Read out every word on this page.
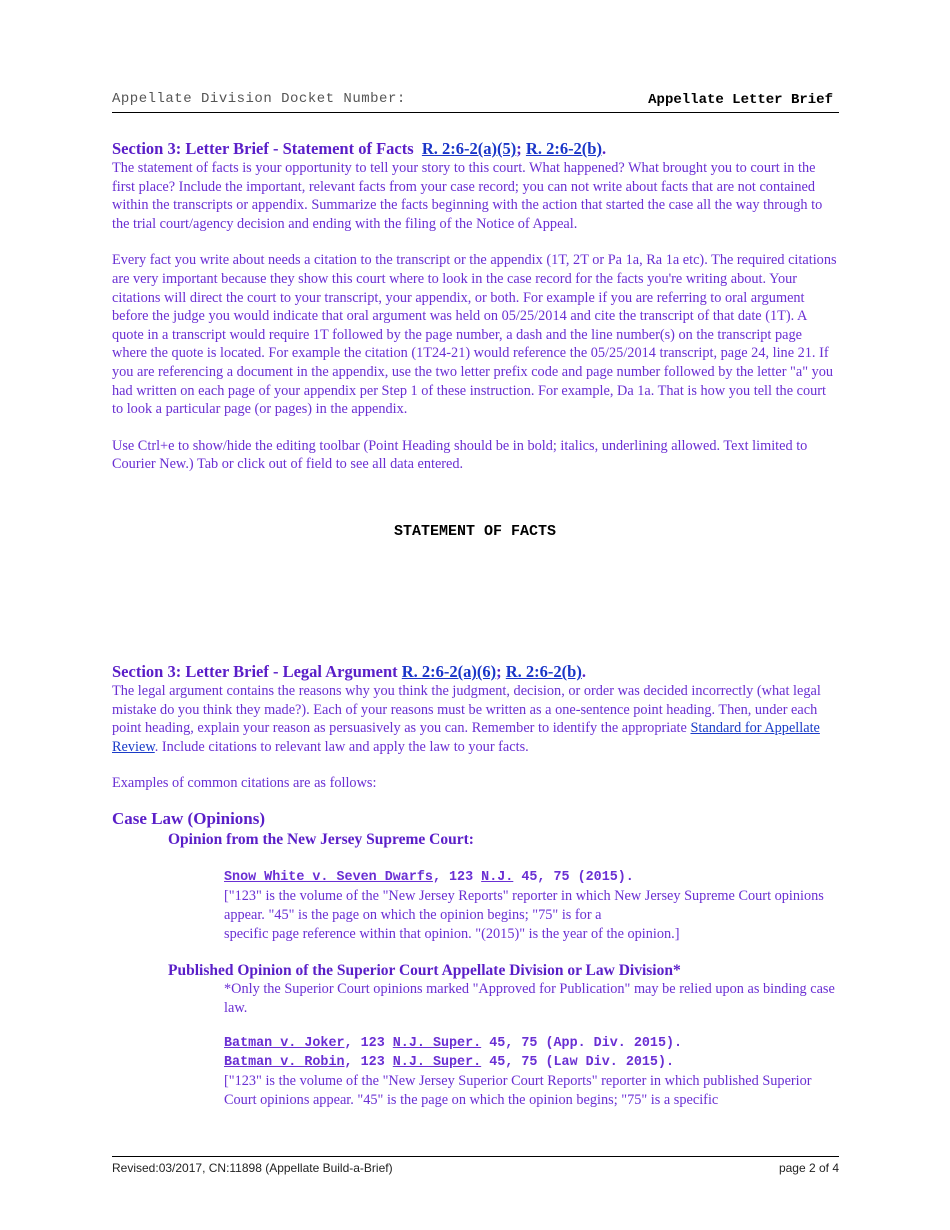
Appellate Division Docket Number:	Appellate Letter Brief
Section 3: Letter Brief - Statement of Facts R. 2:6-2(a)(5); R. 2:6-2(b).

The statement of facts is your opportunity to tell your story to this court. What happened? What brought you to court in the first place? Include the important, relevant facts from your case record; you can not write about facts that are not contained within the transcripts or appendix. Summarize the facts beginning with the action that started the case all the way through to the trial court/agency decision and ending with the filing of the Notice of Appeal.

Every fact you write about needs a citation to the transcript or the appendix (1T, 2T or Pa 1a, Ra 1a etc). The required citations are very important because they show this court where to look in the case record for the facts you're writing about. Your citations will direct the court to your transcript, your appendix, or both. For example if you are referring to oral argument before the judge you would indicate that oral argument was held on 05/25/2014 and cite the transcript of that date (1T). A quote in a transcript would require 1T followed by the page number, a dash and the line number(s) on the transcript page where the quote is located. For example the citation (1T24-21) would reference the 05/25/2014 transcript, page 24, line 21. If you are referencing a document in the appendix, use the two letter prefix code and page number followed by the letter "a" you had written on each page of your appendix per Step 1 of these instruction. For example, Da 1a. That is how you tell the court to look a particular page (or pages) in the appendix.

Use Ctrl+e to show/hide the editing toolbar (Point Heading should be in bold; italics, underlining allowed. Text limited to Courier New.) Tab or click out of field to see all data entered.

STATEMENT OF FACTS
Section 3: Letter Brief - Legal Argument R. 2:6-2(a)(6); R. 2:6-2(b).

The legal argument contains the reasons why you think the judgment, decision, or order was decided incorrectly (what legal mistake do you think they made?). Each of your reasons must be written as a one-sentence point heading. Then, under each point heading, explain your reason as persuasively as you can. Remember to identify the appropriate Standard for Appellate Review. Include citations to relevant law and apply the law to your facts.

Examples of common citations are as follows:

Case Law (Opinions)
Opinion from the New Jersey Supreme Court:

Snow White v. Seven Dwarfs, 123 N.J. 45, 75 (2015).

["123" is the volume of the "New Jersey Reports" reporter in which New Jersey Supreme Court opinions appear. "45" is the page on which the opinion begins; "75" is for a

specific page reference within that opinion. "(2015)" is the year of the opinion.]

Published Opinion of the Superior Court Appellate Division or Law Division*

*Only the Superior Court opinions marked "Approved for Publication" may be relied upon as binding case law.

Batman v. Joker, 123 N.J. Super. 45, 75 (App. Div. 2015).

Batman v. Robin, 123 N.J. Super. 45, 75 (Law Div. 2015).

["123" is the volume of the "New Jersey Superior Court Reports" reporter in which published Superior Court opinions appear. "45" is the page on which the opinion begins; "75" is a specific

Revised:03/2017, CN:11898 (Appellate Build-a-Brief)	page 2 of 4
